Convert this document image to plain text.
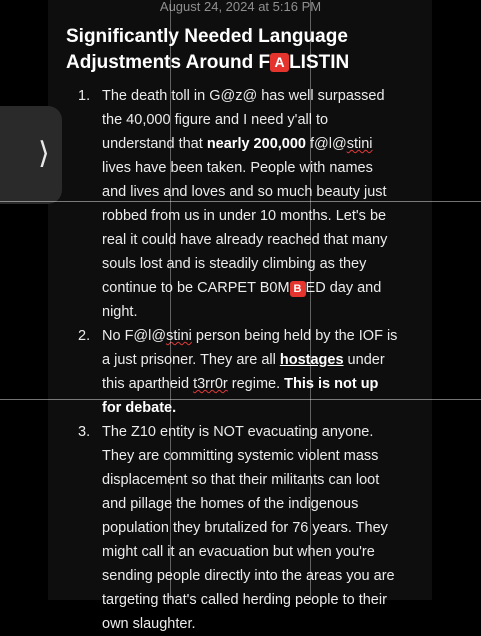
August 24, 2024 at 5:16 PM
Significantly Needed Language
Adjustments Around F A LISTIN
1. The death toll in G@z@ has well surpassed the 40,000 figure and I need y'all to understand that nearly 200,000 f@l@stini lives have been taken. People with names and lives and loves and so much beauty just robbed from us in under 10 months. Let's be real it could have already reached that many souls lost and is steadily climbing as they continue to be CARPET B0M B ED day and night.
2. No F@l@stini person being held by the IOF is a just prisoner. They are all hostages under this apartheid t3rr0r regime. This is not up for debate.
3. The Z10 entity is NOT evacuating anyone. They are committing systemic violent mass displacement so that their militants can loot and pillage the homes of the indigenous population they brutalized for 76 years. They might call it an evacuation but when you're sending people directly into the areas you are targeting that's called herding people to their own slaughter.
⟩
